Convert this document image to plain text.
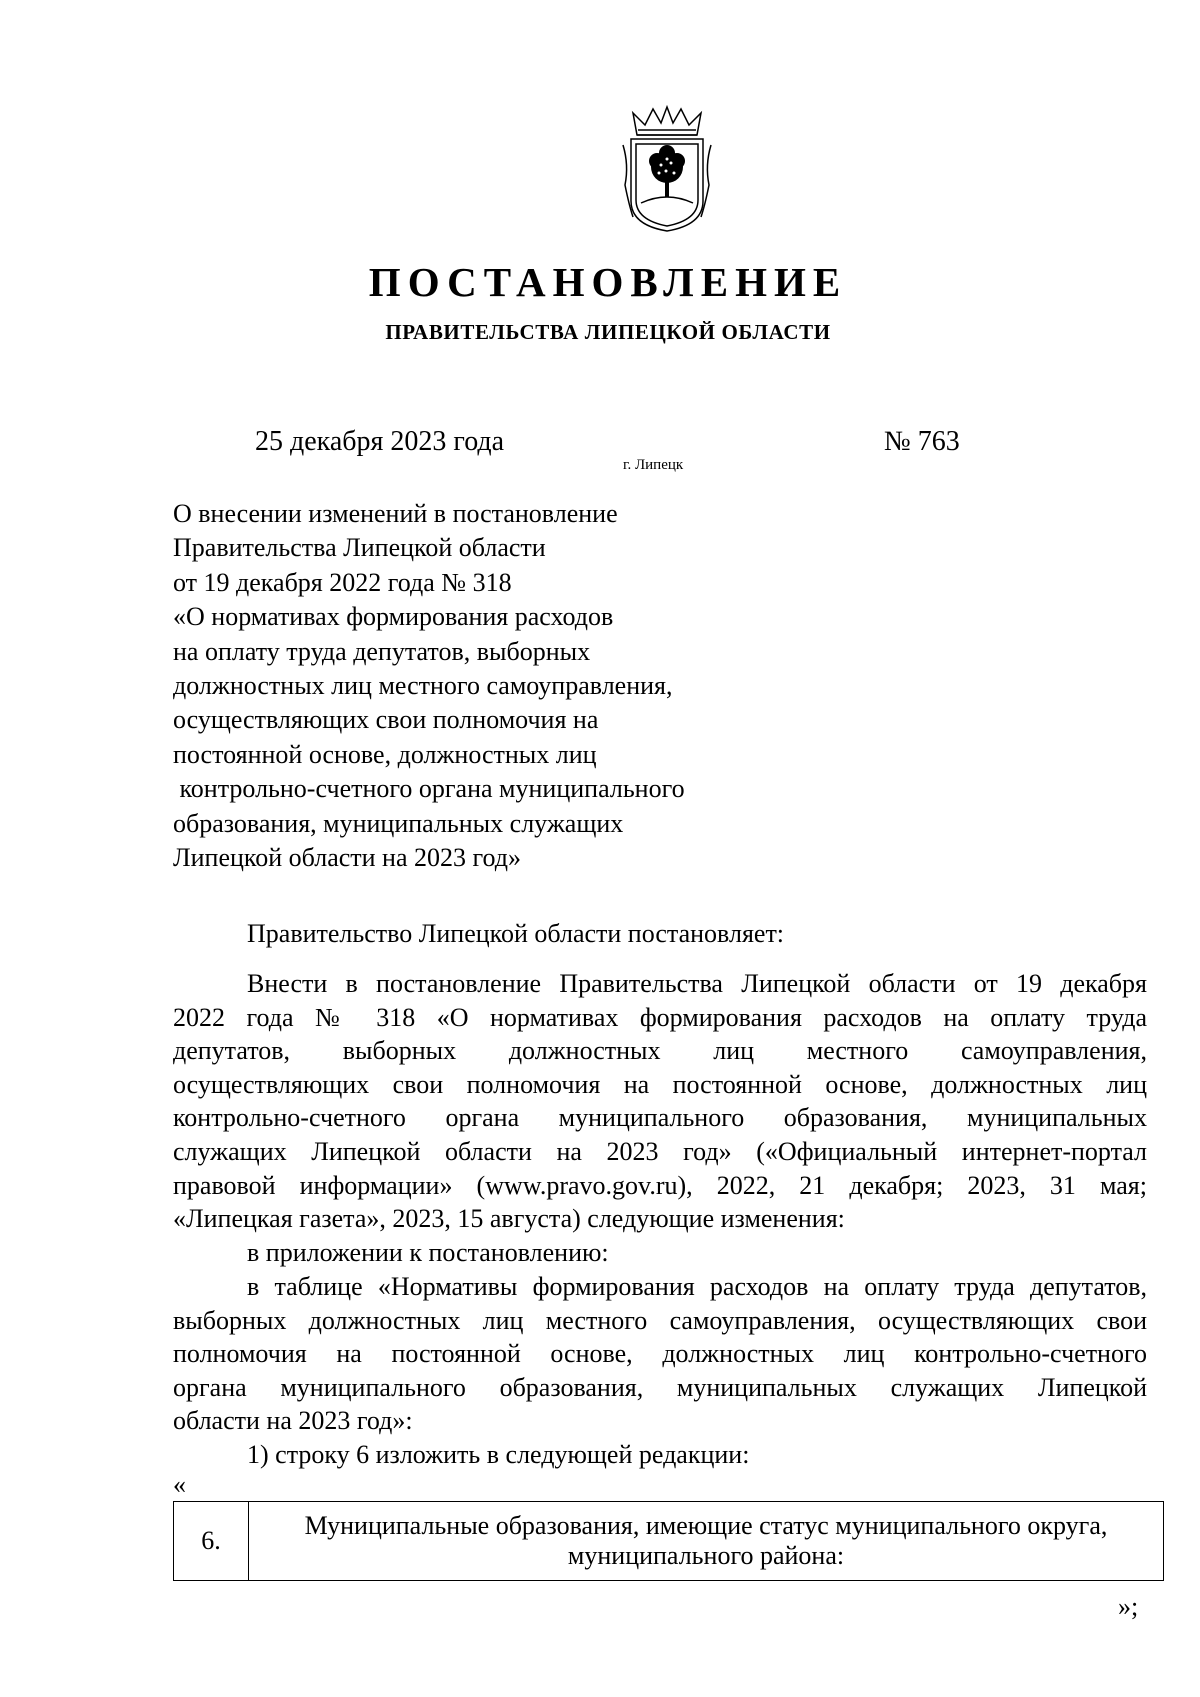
ПОСТАНОВЛЕНИЕ
ПРАВИТЕЛЬСТВА ЛИПЕЦКОЙ ОБЛАСТИ
25 декабря 2023 года
г. Липецк
№ 763
О внесении изменений в постановление
Правительства Липецкой области
от 19 декабря 2022 года № 318
«О нормативах формирования расходов
на оплату труда депутатов, выборных
должностных лиц местного самоуправления,
осуществляющих свои полномочия на
постоянной основе, должностных лиц
контрольно-счетного органа муниципального
образования, муниципальных служащих
Липецкой области на 2023 год»
Правительство Липецкой области постановляет:
Внести в постановление Правительства Липецкой области от 19 декабря
2022 года № 318 «О нормативах формирования расходов на оплату труда
депутатов, выборных должностных лиц местного самоуправления,
осуществляющих свои полномочия на постоянной основе, должностных лиц
контрольно-счетного органа муниципального образования, муниципальных
служащих Липецкой области на 2023 год» («Официальный интернет-портал
правовой информации» (www.pravo.gov.ru), 2022, 21 декабря; 2023, 31 мая;
«Липецкая газета», 2023, 15 августа) следующие изменения:
в приложении к постановлению:
в таблице «Нормативы формирования расходов на оплату труда депутатов,
выборных должностных лиц местного самоуправления, осуществляющих свои
полномочия на постоянной основе, должностных лиц контрольно-счетного
органа муниципального образования, муниципальных служащих Липецкой
области на 2023 год»:
1) строку 6 изложить в следующей редакции:
«
6.	Муниципальные образования, имеющие статус муниципального округа, муниципального района:
»;
